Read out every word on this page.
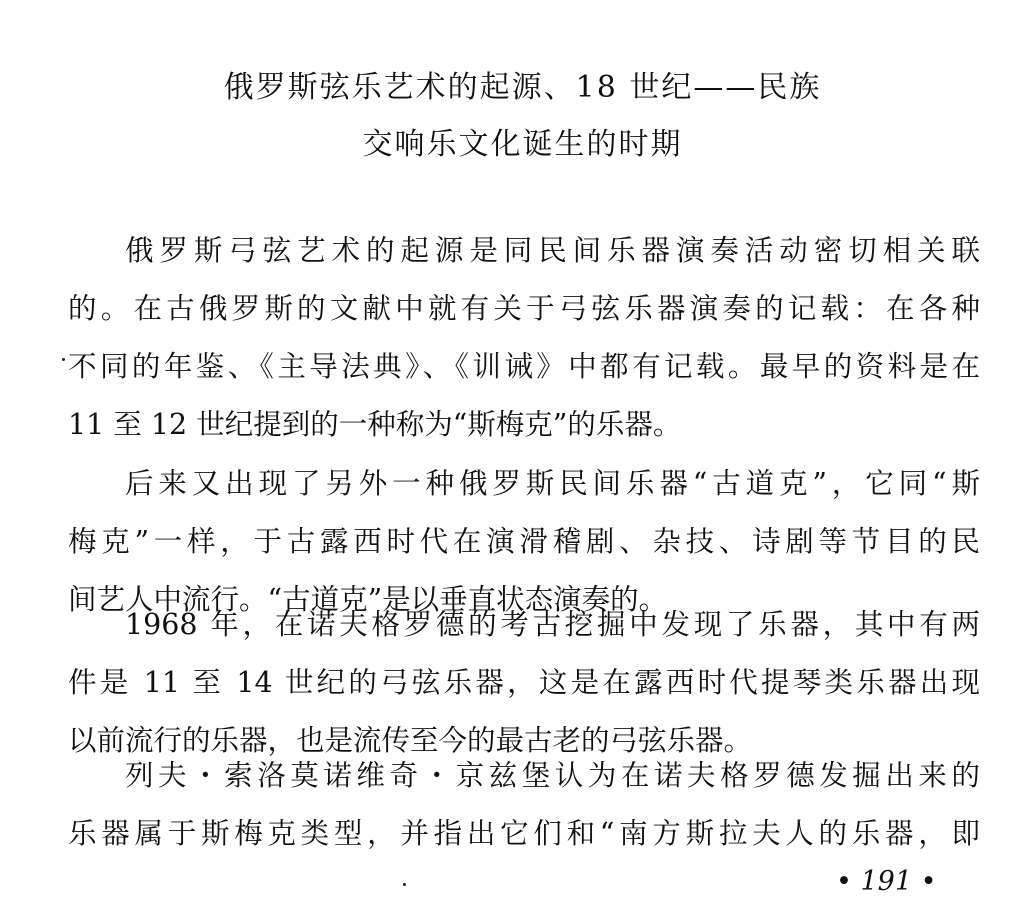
俄罗斯弦乐艺术的起源、18 世纪——民族
交响乐文化诞生的时期
俄罗斯弓弦艺术的起源是同民间乐器演奏活动密切相关联
的。在古俄罗斯的文献中就有关于弓弦乐器演奏的记载：在各种
不同的年鉴、《主导法典》、《训诫》中都有记载。最早的资料是在
11 至 12 世纪提到的一种称为“斯梅克”的乐器。
后来又出现了另外一种俄罗斯民间乐器“古道克”，它同“斯
梅克”一样，于古露西时代在演滑稽剧、杂技、诗剧等节目的民
间艺人中流行。“古道克”是以垂直状态演奏的。
1968 年，在诺夫格罗德的考古挖掘中发现了乐器，其中有两
件是 11 至 14 世纪的弓弦乐器，这是在露西时代提琴类乐器出现
以前流行的乐器，也是流传至今的最古老的弓弦乐器。
列夫・索洛莫诺维奇・京兹堡认为在诺夫格罗德发掘出来的
乐器属于斯梅克类型，并指出它们和“南方斯拉夫人的乐器，即
• 191 •
